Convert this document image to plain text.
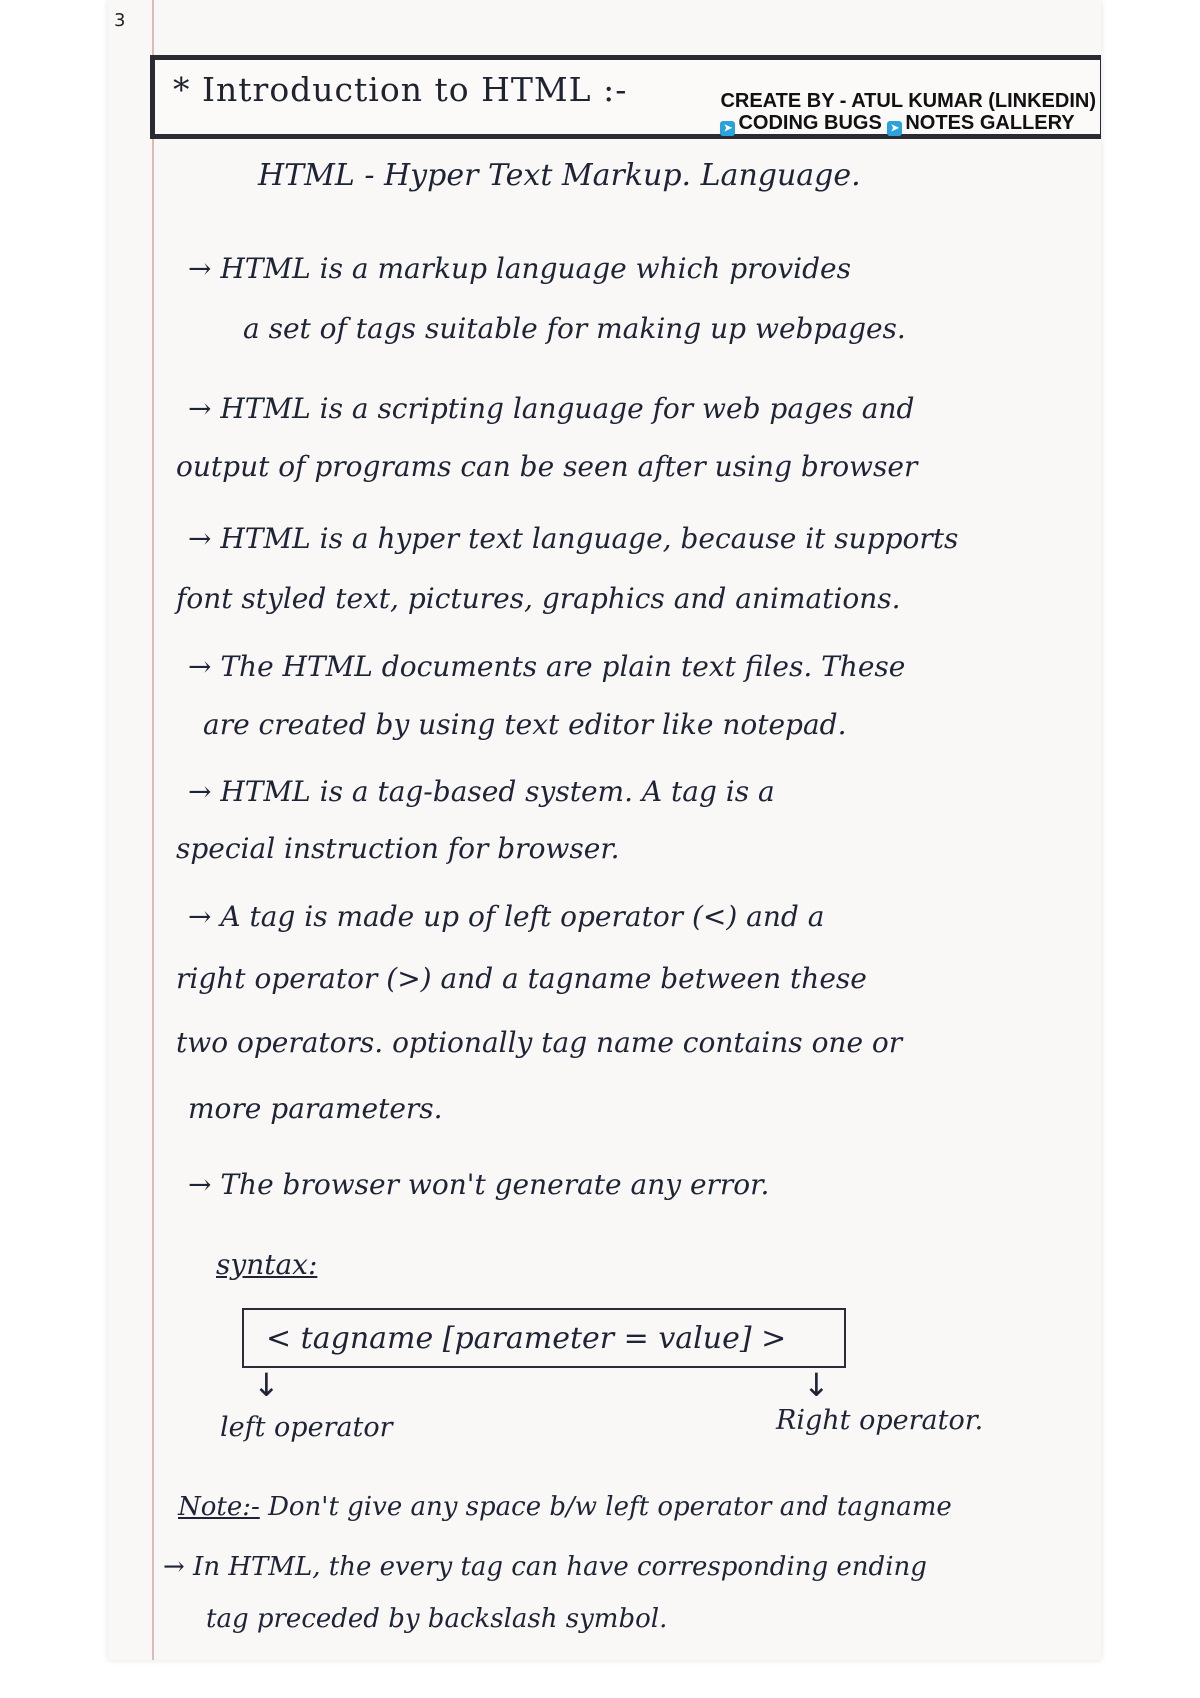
3
* Introduction to HTML :-	CREATE BY - ATUL KUMAR (LINKEDIN)
➤ CODING BUGS ➤ NOTES GALLERY

HTML - Hyper Text Markup. Language.

→ HTML is a markup language which provides

a set of tags suitable for making up webpages.

→ HTML is a scripting language for web pages and

output of programs can be seen after using browser

→ HTML is a hyper text language, because it supports

font styled text, pictures, graphics and animations.

→ The HTML documents are plain text files. These

are created by using text editor like notepad.

→ HTML is a tag-based system. A tag is a

special instruction for browser.

→ A tag is made up of left operator (<) and a

right operator (>) and a tagname between these

two operators. optionally tag name contains one or

more parameters.

→ The browser won't generate any error.

syntax:
< tagname [parameter = value] >
↓	↓
left operator	Right operator.

Note:- Don't give any space b/w left operator and tagname

→ In HTML, the every tag can have corresponding ending

tag preceded by backslash symbol.
